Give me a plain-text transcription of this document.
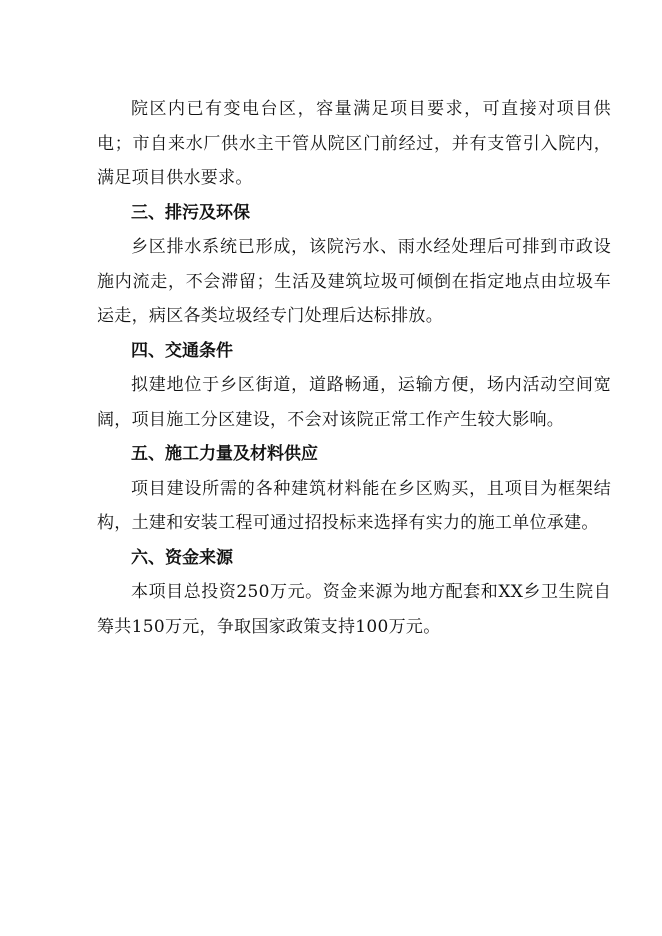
院区内已有变电台区，容量满足项目要求，可直接对项目供电；市自来水厂供水主干管从院区门前经过，并有支管引入院内，满足项目供水要求。

三、排污及环保

乡区排水系统已形成，该院污水、雨水经处理后可排到市政设施内流走，不会滞留；生活及建筑垃圾可倾倒在指定地点由垃圾车运走，病区各类垃圾经专门处理后达标排放。

四、交通条件

拟建地位于乡区街道，道路畅通，运输方便，场内活动空间宽阔，项目施工分区建设，不会对该院正常工作产生较大影响。

五、施工力量及材料供应

项目建设所需的各种建筑材料能在乡区购买，且项目为框架结构，土建和安装工程可通过招投标来选择有实力的施工单位承建。

六、资金来源

本项目总投资250万元。资金来源为地方配套和XX乡卫生院自筹共150万元，争取国家政策支持100万元。
